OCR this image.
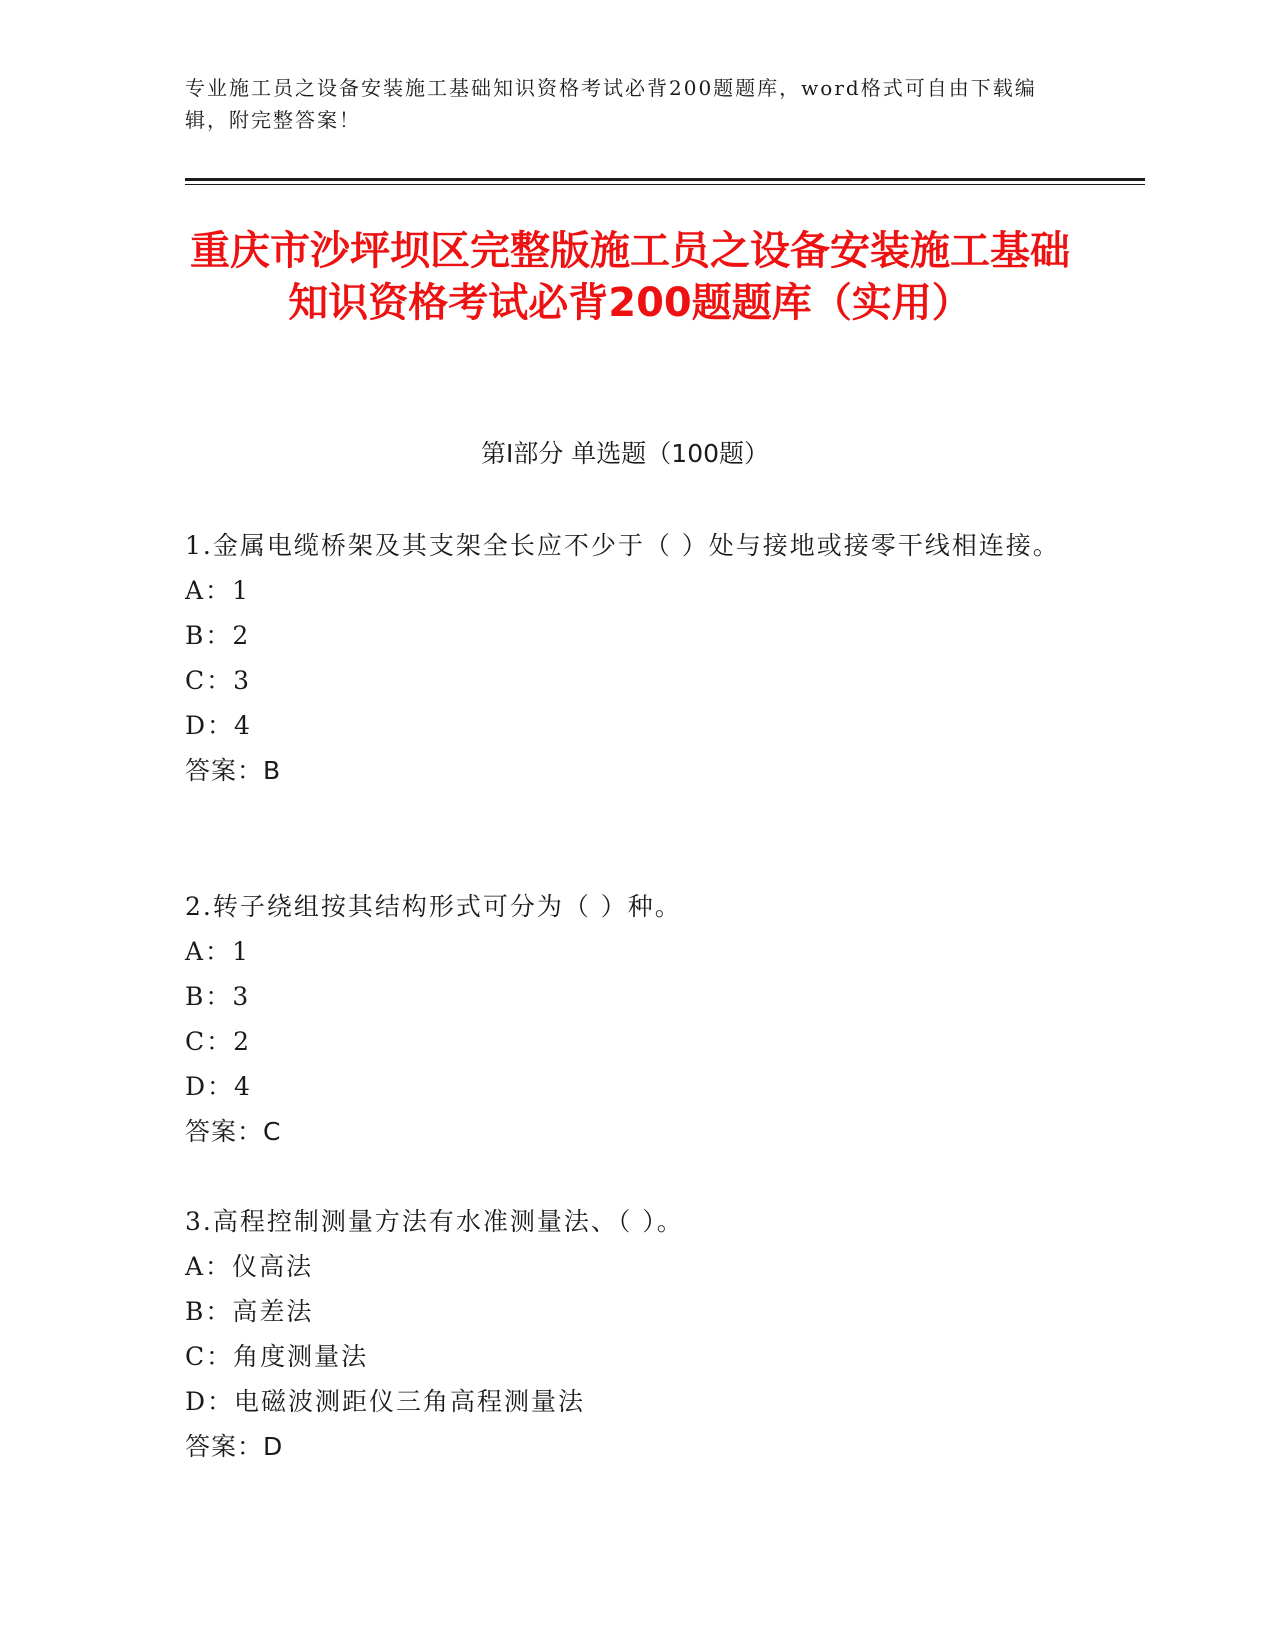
专业施工员之设备安装施工基础知识资格考试必背200题题库，word格式可自由下载编辑，附完整答案！
重庆市沙坪坝区完整版施工员之设备安装施工基础知识资格考试必背200题题库（实用）
第Ⅰ部分 单选题（100题）

1.金属电缆桥架及其支架全长应不少于（ ）处与接地或接零干线相连接。

A：1

B：2

C：3

D：4

答案：B

2.转子绕组按其结构形式可分为（ ）种。

A：1

B：3

C：2

D：4

答案：C

3.高程控制测量方法有水准测量法、（ ）。

A：仪高法

B：高差法

C：角度测量法

D：电磁波测距仪三角高程测量法

答案：D
